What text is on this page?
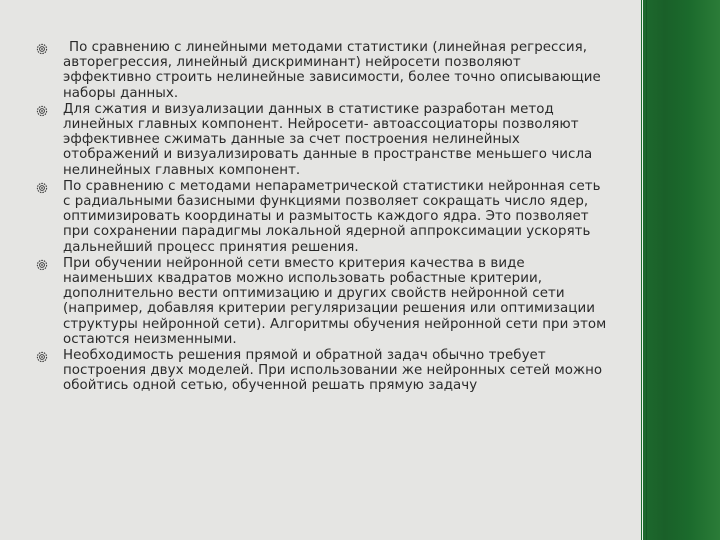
По сравнению с линейными методами статистики (линейная регрессия, авторегрессия, линейный дискриминант) нейросети позволяют эффективно строить нелинейные зависимости, более точно описывающие наборы данных.
Для сжатия и визуализации данных в статистике разработан метод линейных главных компонент. Нейросети- автоассоциаторы позволяют эффективнее сжимать данные за счет построения нелинейных отображений и визуализировать данные в пространстве меньшего числа нелинейных главных компонент.
По сравнению с методами непараметрической статистики нейронная сеть с радиальными базисными функциями позволяет сокращать число ядер, оптимизировать координаты и размытость каждого ядра. Это позволяет при сохранении парадигмы локальной ядерной аппроксимации ускорять дальнейший процесс принятия решения.
При обучении нейронной сети вместо критерия качества в виде наименьших квадратов можно использовать робастные критерии, дополнительно вести оптимизацию и других свойств нейронной сети (например, добавляя критерии регуляризации решения или оптимизации структуры нейронной сети). Алгоритмы обучения нейронной сети при этом остаются неизменными.
Необходимость решения прямой и обратной задач обычно требует построения двух моделей. При использовании же нейронных сетей можно обойтись одной сетью, обученной решать прямую задачу
